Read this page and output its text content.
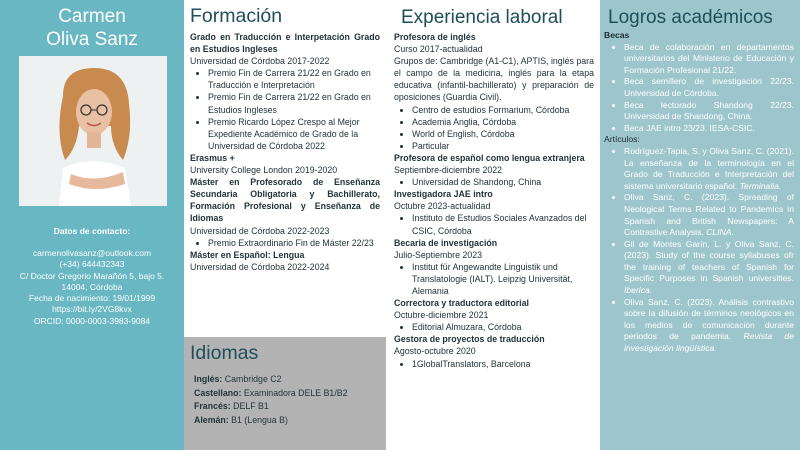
Carmen
Oliva Sanz
Datos de contacto:
carmenolivasanz@outlook.com
(+34) 644432343
C/ Doctor Gregorio Marañón 5, bajo 5. 14004, Córdoba
Fecha de nacimiento: 19/01/1999
https://bit.ly/2VG8kvx
ORCID: 0000-0003-3983-9084
Formación
Grado en Traducción e Interpetación Grado en Estudios Ingleses
Universidad de Córdoba 2017-2022
• Premio Fin de Carrera 21/22 en Grado en Traducción e Interpretación
• Premio Fin de Carrera 21/22 en Grado en Estudios Ingleses
• Premio Ricardo López Crespo al Mejor Expediente Académico de Grado de la Universidad de Córdoba 2022
Erasmus +
University College London 2019-2020
Máster en Profesorado de Enseñanza Secundaria Obligatoria y Bachillerato, Formación Profesional y Enseñanza de Idiomas
Universidad de Córdoba 2022-2023
• Premio Extraordinario Fin de Máster 22/23
Máster en Español: Lengua
Universidad de Córdoba 2022-2024
Idiomas
Inglés: Cambridge C2
Castellano: Examinadora DELE B1/B2
Francés: DELF B1
Alemán: B1 (Lengua B)
Experiencia laboral
Profesora de inglés
Curso 2017-actualidad
Grupos de: Cambridge (A1-C1), APTIS, inglés para el campo de la medicina, inglés para la etapa educativa (infantil-bachillerato) y preparación de oposiciones (Guardia Civil).
• Centro de estudios Formarium, Córdoba
• Academia Anglia, Córdoba
• World of English, Córdoba
• Particular
Profesora de español como lengua extranjera
Septiembre-diciembre 2022
• Universidad de Shandong, China
Investigadora JAE intro
Octubre 2023-actualidad
• Instituto de Estudios Sociales Avanzados del CSIC, Córdoba
Becaria de investigación
Julio-Septiembre 2023
• Institut für Angewandte Linguistik und Translatologie (IALT). Leipzig Universität, Alemania
Correctora y traductora editorial
Octubre-diciembre 2021
• Editorial Almuzara, Córdoba
Gestora de proyectos de traducción
Agosto-octubre 2020
• 1GlobalTranslators, Barcelona
Logros académicos
Becas
• Beca de colaboración en departamentos universitarios del Ministerio de Educación y Formación Profesional 21/22.
• Beca semillero de investigación 22/23. Universidad de Córdoba.
• Beca lectorado Shandong 22/23. Universidad de Shandong, China.
• Beca JAE intro 23/23. IESA-CSIC.
Artículos:
• Rodríguez-Tapia, S. y Oliva Sanz, C. (2021). La enseñanza de la terminología en el Grado de Traducción e Interpretación del sistema universitario español. Terminalia.
• Oliva Sanz, C. (2023). Spreading of Neological Terms Related to Pandemics in Spanish and British Newspapers: A Contrastive Analysis. CLINA.
• Gil de Montes Garín, L. y Oliva Sanz, C. (2023). Study of the course syllabuses ofr the training of teachers of Spanish for Specific Purposes in Spanish universities. Iberica.
• Oliva Sanz, C. (2023). Análisis contrastivo sobre la difusión de términos neológicos en los medios de comunicación durante periodos de pandemia. Revista de investigación lingüística.
